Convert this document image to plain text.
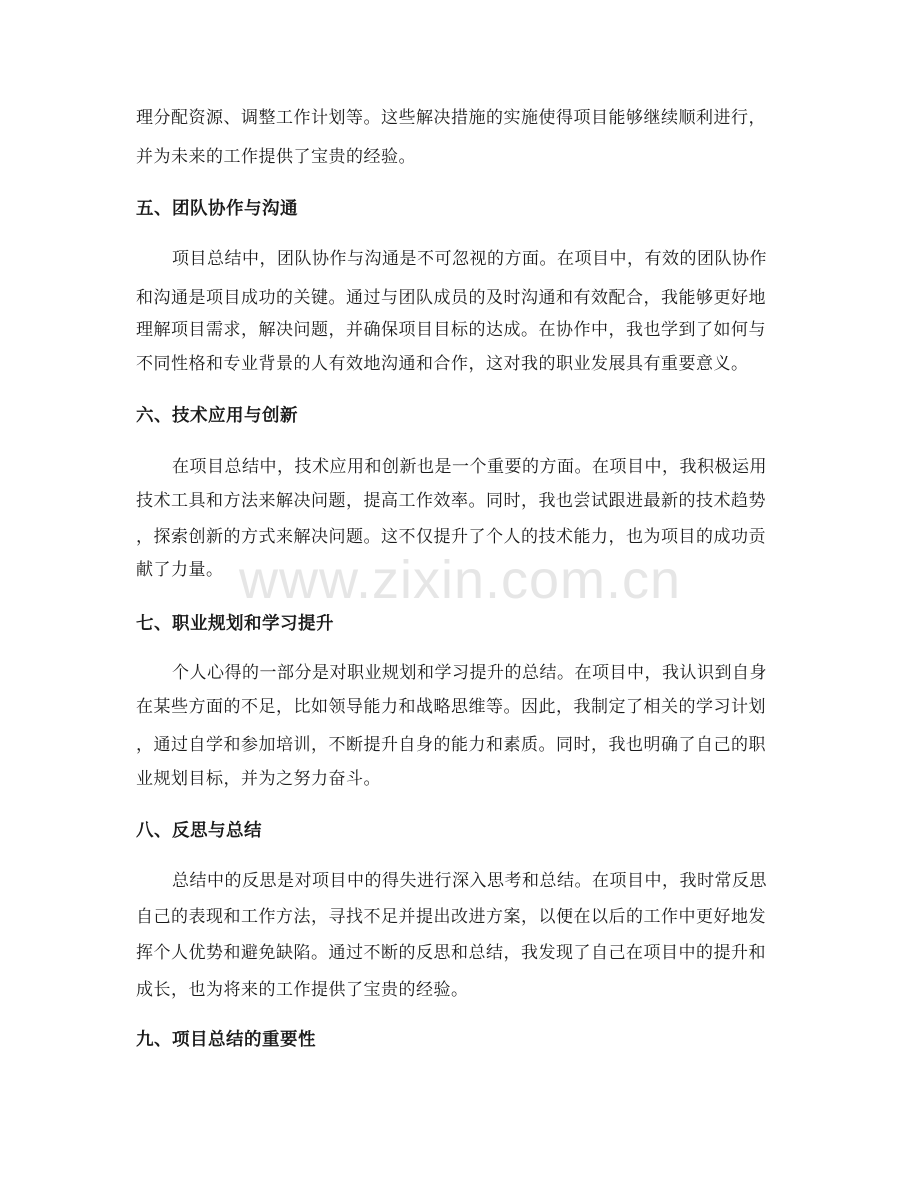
www.zixin.com.cn
理分配资源、调整工作计划等。这些解决措施的实施使得项目能够继续顺利进行，
并为未来的工作提供了宝贵的经验。
五、团队协作与沟通
项目总结中，团队协作与沟通是不可忽视的方面。在项目中，有效的团队协作
和沟通是项目成功的关键。通过与团队成员的及时沟通和有效配合，我能够更好地
理解项目需求，解决问题，并确保项目目标的达成。在协作中，我也学到了如何与
不同性格和专业背景的人有效地沟通和合作，这对我的职业发展具有重要意义。
六、技术应用与创新
在项目总结中，技术应用和创新也是一个重要的方面。在项目中，我积极运用
技术工具和方法来解决问题，提高工作效率。同时，我也尝试跟进最新的技术趋势
，探索创新的方式来解决问题。这不仅提升了个人的技术能力，也为项目的成功贡
献了力量。
七、职业规划和学习提升
个人心得的一部分是对职业规划和学习提升的总结。在项目中，我认识到自身
在某些方面的不足，比如领导能力和战略思维等。因此，我制定了相关的学习计划
，通过自学和参加培训，不断提升自身的能力和素质。同时，我也明确了自己的职
业规划目标，并为之努力奋斗。
八、反思与总结
总结中的反思是对项目中的得失进行深入思考和总结。在项目中，我时常反思
自己的表现和工作方法，寻找不足并提出改进方案，以便在以后的工作中更好地发
挥个人优势和避免缺陷。通过不断的反思和总结，我发现了自己在项目中的提升和
成长，也为将来的工作提供了宝贵的经验。
九、项目总结的重要性
